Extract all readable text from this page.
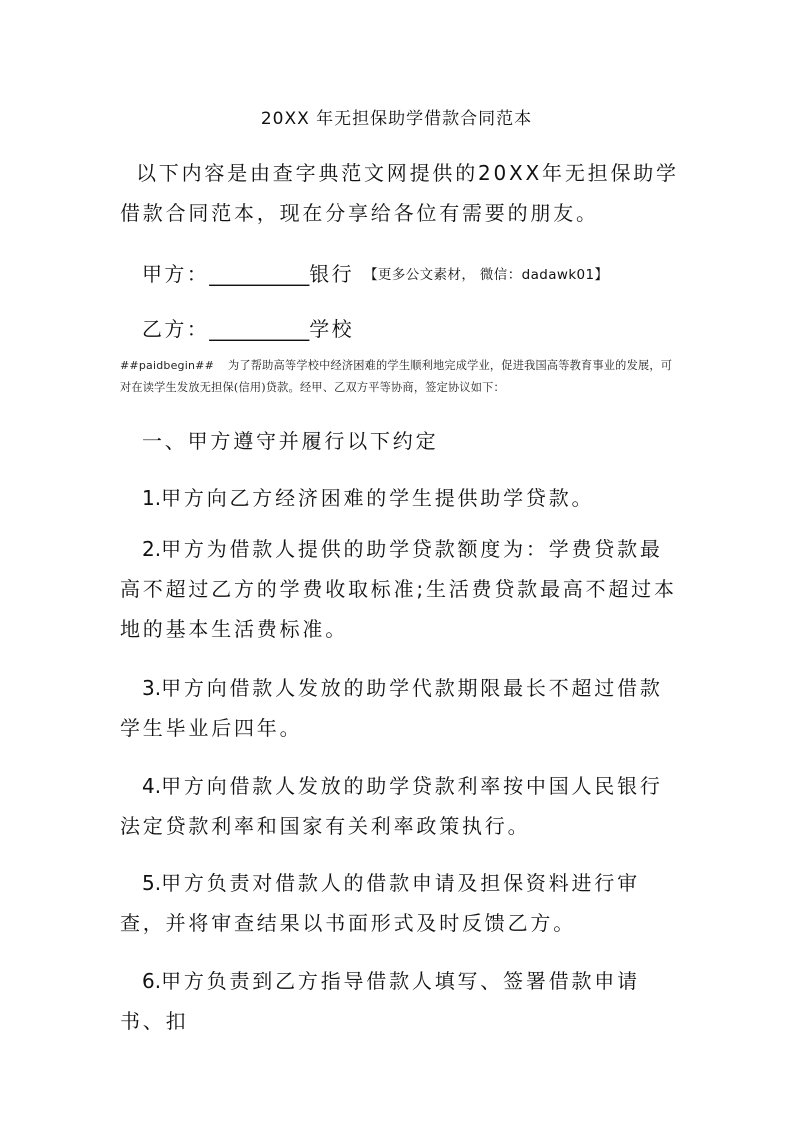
20XX 年无担保助学借款合同范本
以下内容是由查字典范文网提供的20XX年无担保助学借款合同范本，现在分享给各位有需要的朋友。
甲方：__________银行 【更多公文素材， 微信：dadawk01】
乙方：__________学校
##paidbegin## 为了帮助高等学校中经济困难的学生顺利地完成学业，促进我国高等教育事业的发展，可对在读学生发放无担保(信用)贷款。经甲、乙双方平等协商，签定协议如下：
一、甲方遵守并履行以下约定
1.甲方向乙方经济困难的学生提供助学贷款。
2.甲方为借款人提供的助学贷款额度为：学费贷款最高不超过乙方的学费收取标准;生活费贷款最高不超过本地的基本生活费标准。
3.甲方向借款人发放的助学代款期限最长不超过借款学生毕业后四年。
4.甲方向借款人发放的助学贷款利率按中国人民银行法定贷款利率和国家有关利率政策执行。
5.甲方负责对借款人的借款申请及担保资料进行审查，并将审查结果以书面形式及时反馈乙方。
6.甲方负责到乙方指导借款人填写、签署借款申请书、扣
